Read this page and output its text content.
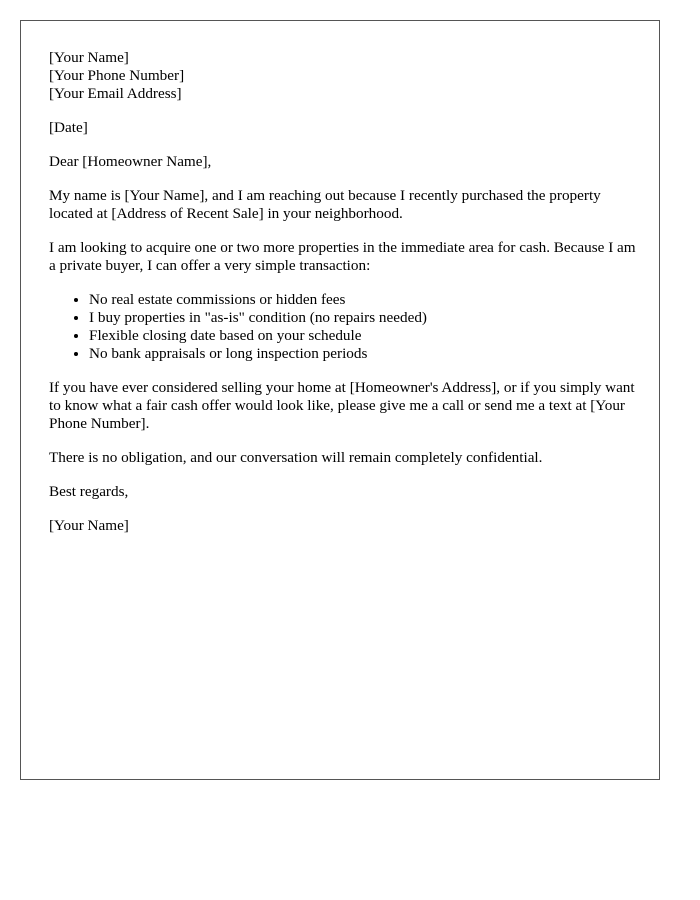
[Your Name]

[Your Phone Number]

[Your Email Address]

[Date]

Dear [Homeowner Name],

My name is [Your Name], and I am reaching out because I recently purchased the property located at [Address of Recent Sale] in your neighborhood.

I am looking to acquire one or two more properties in the immediate area for cash. Because I am a private buyer, I can offer a very simple transaction:

• No real estate commissions or hidden fees
• I buy properties in "as-is" condition (no repairs needed)
• Flexible closing date based on your schedule
• No bank appraisals or long inspection periods

If you have ever considered selling your home at [Homeowner's Address], or if you simply want to know what a fair cash offer would look like, please give me a call or send me a text at [Your Phone Number].

There is no obligation, and our conversation will remain completely confidential.

Best regards,

[Your Name]
